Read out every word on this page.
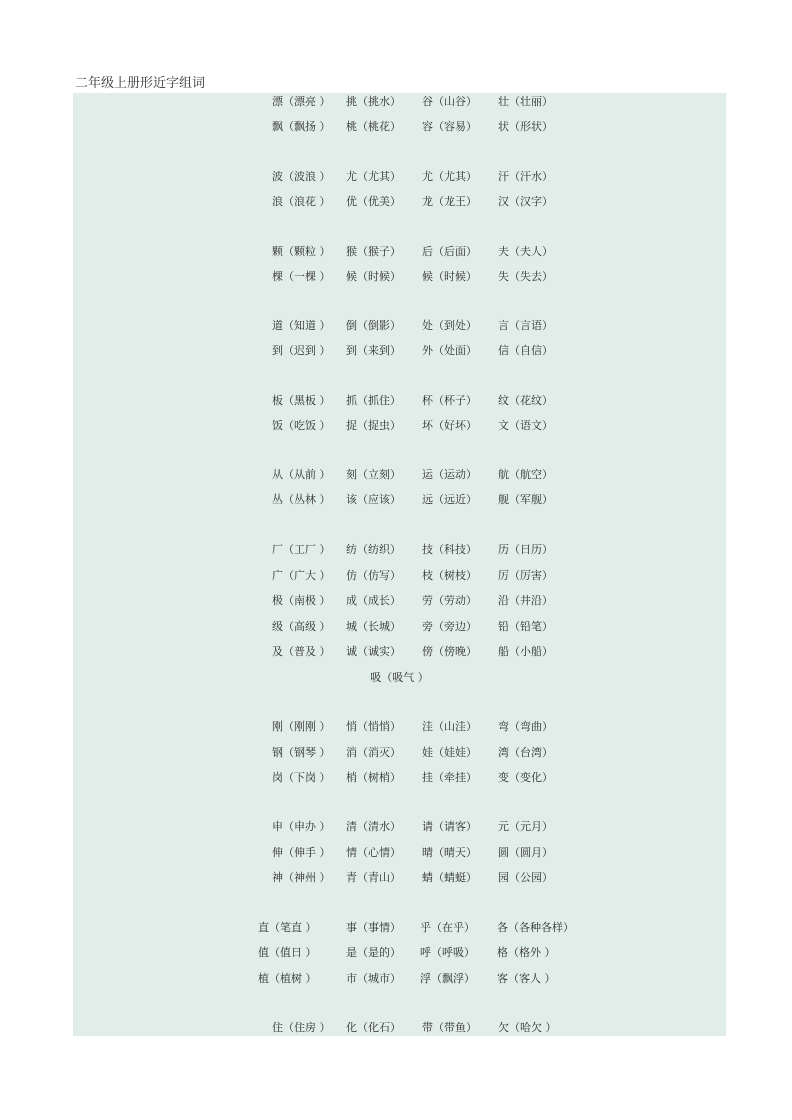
二年级上册形近字组词
漂（漂亮 ） 挑（挑水） 谷（山谷） 壮（壮丽）
飘（飘扬 ） 桃（桃花） 容（容易） 状（形状）
波（波浪 ） 尤（尤其） 尤（尤其） 汗（汗水）
浪（浪花 ） 优（优美） 龙（龙王） 汉（汉字）
颗（颗粒 ） 猴（猴子） 后（后面） 夫（夫人）
棵（一棵 ） 候（时候） 候（时候） 失（失去）
道（知道 ） 倒（倒影） 处（到处） 言（言语）
到（迟到 ） 到（来到） 外（处面） 信（自信）
板（黑板 ） 抓（抓住） 杯（杯子） 纹（花纹）
饭（吃饭 ） 捉（捉虫） 坏（好坏） 文（语文）
从（从前 ） 刻（立刻） 运（运动） 航（航空）
丛（丛林 ） 该（应该） 远（远近） 舰（军舰）
厂（工厂 ） 纺（纺织） 技（科技） 历（日历）
广（广大 ） 仿（仿写） 枝（树枝） 厉（厉害）
极（南极 ） 成（成长） 劳（劳动） 沿（井沿）
级（高级 ） 城（长城） 旁（旁边） 铅（铅笔）
及（普及 ） 诚（诚实） 傍（傍晚） 船（小船）
吸（吸气 ）
刚（刚刚 ） 悄（悄悄） 洼（山洼） 弯（弯曲）
钢（钢琴 ） 消（消灭） 娃（娃娃） 湾（台湾）
岗（下岗 ） 梢（树梢） 挂（牵挂） 变（变化）
申（申办 ） 清（清水） 请（请客） 元（元月）
伸（伸手 ） 情（心情） 晴（晴天） 圆（圆月）
神（神州 ） 青（青山） 蜻（蜻蜓） 园（公园）
直（笔直 ）	事（事情） 乎（在乎） 各（各种各样）
值（值日 ）	是（是的） 呼（呼吸） 格（格外 ）
植（植树 ）	市（城市） 浮（飘浮） 客（客人 ）
住（住房 ） 化（化石） 带（带鱼） 欠（哈欠 ）
